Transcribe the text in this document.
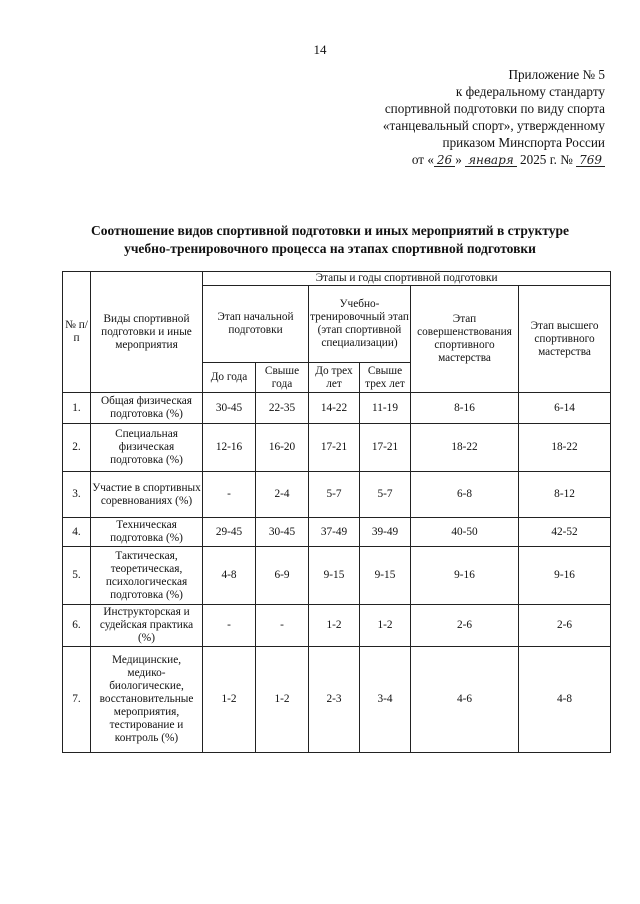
14
Приложение № 5
к федеральному стандарту
спортивной подготовки по виду спорта
«танцевальный спорт», утвержденному
приказом Минспорта России
от « 26 » января 2025 г. № 769
Соотношение видов спортивной подготовки и иных мероприятий в структуре
учебно-тренировочного процесса на этапах спортивной подготовки
№ п/п	Виды спортивной подготовки и иные мероприятия	Этапы и годы спортивной подготовки					
		Этап начальной подготовки		Учебно-тренировочный этап (этап спортивной специализации)		Этап совершенствования спортивного мастерства	Этап высшего спортивного мастерства
		До года	Свыше года	До трех лет	Свыше трех лет		
1.	Общая физическая подготовка (%)	30-45	22-35	14-22	11-19	8-16	6-14
2.	Специальная физическая подготовка (%)	12-16	16-20	17-21	17-21	18-22	18-22
3.	Участие в спортивных соревнованиях (%)	-	2-4	5-7	5-7	6-8	8-12
4.	Техническая подготовка (%)	29-45	30-45	37-49	39-49	40-50	42-52
5.	Тактическая, теоретическая, психологическая подготовка (%)	4-8	6-9	9-15	9-15	9-16	9-16
6.	Инструкторская и судейская практика (%)	-	-	1-2	1-2	2-6	2-6
7.	Медицинские, медико-биологические, восстановительные мероприятия, тестирование и контроль (%)	1-2	1-2	2-3	3-4	4-6	4-8
